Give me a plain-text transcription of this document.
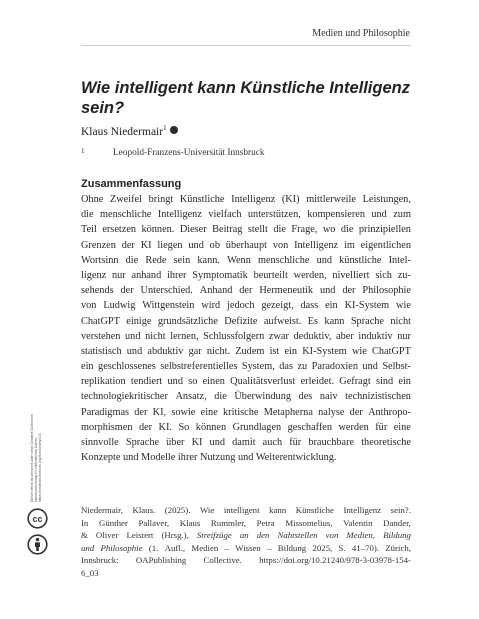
Medien und Philosophie
Wie intelligent kann Künstliche Intelligenz sein?
Klaus Niedermair$^1$
1	Leopold-Franzens-Universität Innsbruck
Zusammenfassung
Ohne Zweifel bringt Künstliche Intelligenz (KI) mittlerweile Leistungen,
die menschliche Intelligenz vielfach unterstützen, kompensieren und zum
Teil ersetzen können. Dieser Beitrag stellt die Frage, wo die prinzipiellen
Grenzen der KI liegen und ob überhaupt von Intelligenz im eigentlichen
Wortsinn die Rede sein kann. Wenn menschliche und künstliche Intel-
ligenz nur anhand ihrer Symptomatik beurteilt werden, nivelliert sich zu-
sehends der Unterschied. Anhand der Hermeneutik und der Philosophie
von Ludwig Wittgenstein wird jedoch gezeigt, dass ein KI-System wie
ChatGPT einige grundsätzliche Defizite aufweist. Es kann Sprache nicht
verstehen und nicht lernen, Schlussfolgern zwar deduktiv, aber induktiv nur
statistisch und abduktiv gar nicht. Zudem ist ein KI-System wie ChatGPT
ein geschlossenes selbstreferentielles System, das zu Paradoxien und Selbst-
replikation tendiert und so einen Qualitätsverlust erleidet. Gefragt sind ein
technologiekritischer Ansatz, die Überwindung des naiv technizistischen
Paradigmas der KI, sowie eine kritische Metapherna nalyse der Anthropo-
morphismen der KI. So können Grundlagen geschaffen werden für eine
sinnvolle Sprache über KI und damit auch für brauchbare theoretische
Konzepte und Modelle ihrer Nutzung und Weiterentwicklung.
Niedermair, Klaus. (2025). Wie intelligent kann Künstliche Intelligenz sein?.
In Günther Pallaver, Klaus Rummler, Petra Missomelius, Valentin Dander,
& Oliver Leistert (Hrsg.), Streifzüge an den Nahtstellen von Medien, Bildung
und Philosophie (1. Aufl., Medien – Wissen – Bildung 2025, S. 41–70). Zürich,
Innsbruck: OAPublishing Collective. https://doi.org/10.21240/978-3-03978-154-
6_03
Dieses Werk ist lizenziert unter einer Creative Commons Namensnennung 4.0 International Lizenz. https://creativecommons.org/licenses/by/4.0/
cc
